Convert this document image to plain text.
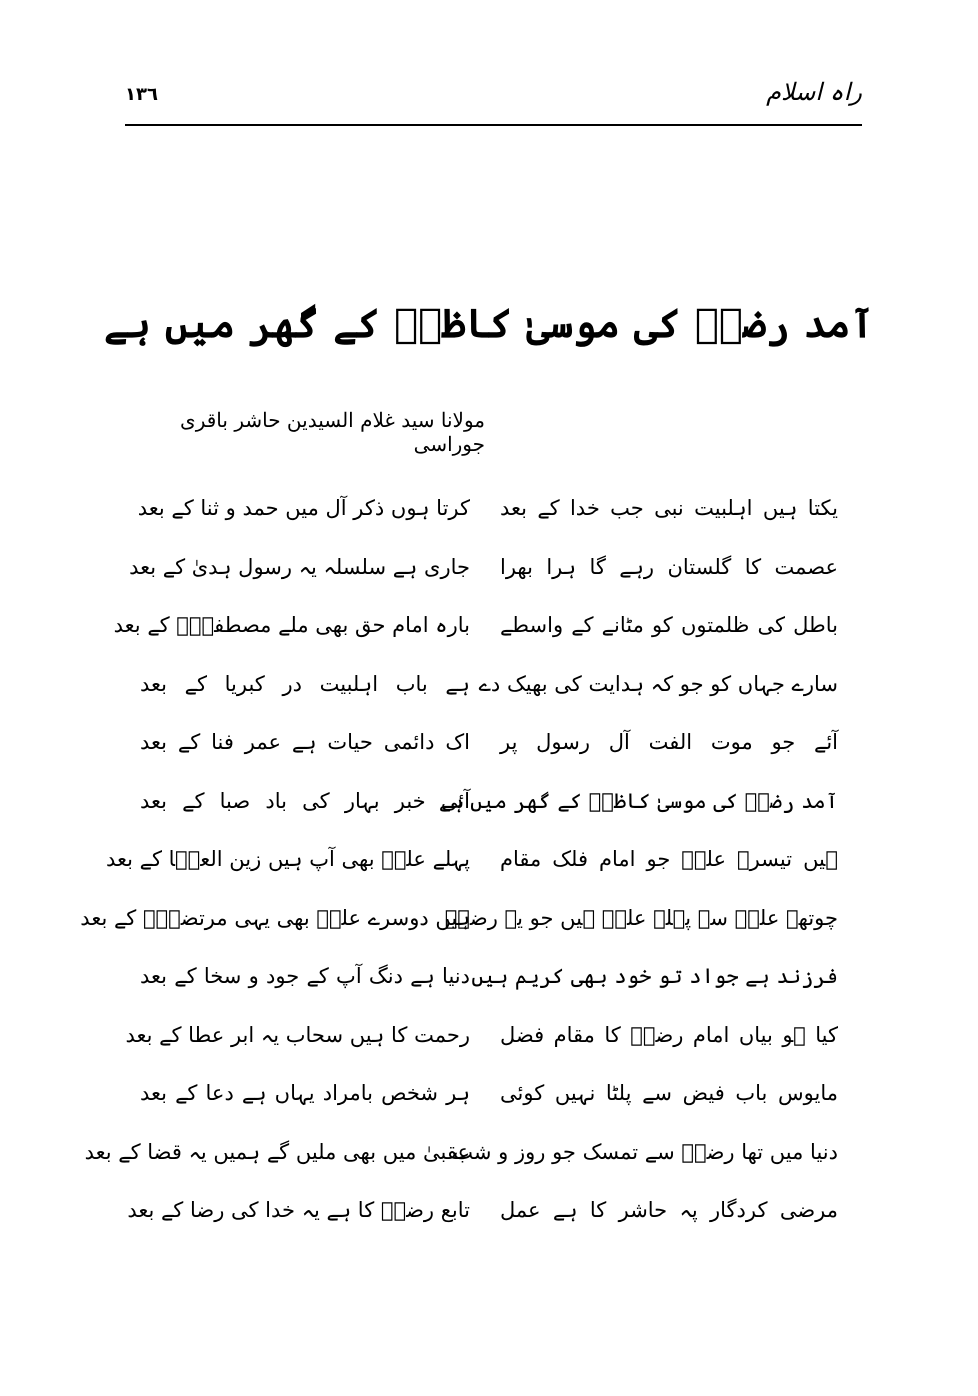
١٣٦	راہ اسلام
آمد رضاؑ کی موسیٰ کاظمؑ کے گھر میں ہے
مولانا سید غلام السیدین حاشر باقری جوراسی
یکتا ہیں اہلبیت نبی جب خدا کے بعد
عصمت کا گلستان رہے گا ہرا بھرا
باطل کی ظلمتوں کو مٹانے کے واسطے
سارے جہاں کو جو کہ ہدایت کی بھیک دے
آئے جو موت الفت آل رسول پر
آمد رضاؑ کی موسیٰ کاظمؑ کے گھر میں ہے
ہیں تیسرے علیؑ جو امام فلک مقام
چوتھے علیؑ سے پہلے علیؑ ہیں جو یہ رضاؑ
فرزند ہے جواد تو خود بھی کریم ہیں
کیا ہو بیاں امام رضاؑ کا مقام فضل
مایوس باب فیض سے پلٹا نہیں کوئی
دنیا میں تھا رضاؑ سے تمسک جو روز و شب
مرضی کردگار پہ حاشر کا ہے عمل
کرتا ہوں ذکر آل میں حمد و ثنا کے بعد
جاری ہے سلسلہ یہ رسول ہدیٰ کے بعد
بارہ امام حق بھی ملے مصطفیٰؐ کے بعد
ہے باب اہلبیت در کبریا کے بعد
اک دائمی حیات ہے عمر فنا کے بعد
آئی خبر بہار کی باد صبا کے بعد
پہلے علیؑ بھی آپ ہیں زین العبؑا کے بعد
ہیں دوسرے علیؑ بھی یہی مرتضیٰؑ کے بعد
دنیا ہے دنگ آپ کے جود و سخا کے بعد
رحمت کا ہیں سحاب یہ ابر عطا کے بعد
ہر شخص بامراد یہاں ہے دعا کے بعد
عقبیٰ میں بھی ملیں گے ہمیں یہ قضا کے بعد
تابع رضاؑ کا ہے یہ خدا کی رضا کے بعد
